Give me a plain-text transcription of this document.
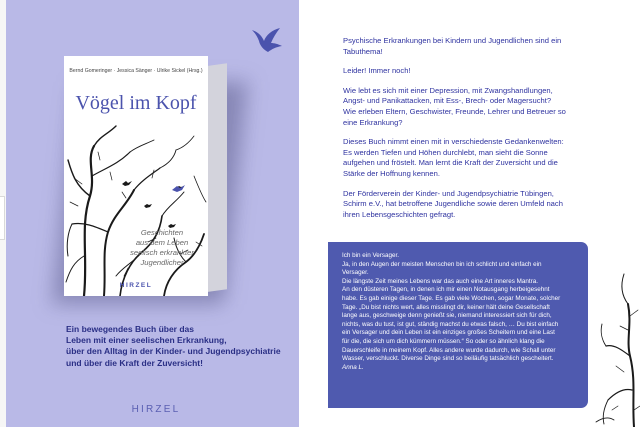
Bernd Gomeringer · Jessica Sänger · Ulrike Sickel (Hrsg.)
Vögel im Kopf
Geschichten
aus dem Leben
seelisch erkrankter
Jugendlicher
HIRZEL
Ein bewegendes Buch über das
Leben mit einer seelischen Erkrankung,
über den Alltag in der Kinder- und Jugendpsychiatrie
und über die Kraft der Zuversicht!
HIRZEL

Psychische Erkrankungen bei Kindern und Jugendlichen sind ein
Tabuthema!

Leider! Immer noch!

Wie lebt es sich mit einer Depression, mit Zwangshandlungen,
Angst- und Panikattacken, mit Ess-, Brech- oder Magersucht?
Wie erleben Eltern, Geschwister, Freunde, Lehrer und Betreuer so
eine Erkrankung?

Dieses Buch nimmt einen mit in verschiedenste Gedankenwelten:
Es werden Tiefen und Höhen durchlebt, man sieht die Sonne
aufgehen und fröstelt. Man lernt die Kraft der Zuversicht und die
Stärke der Hoffnung kennen.

Der Förderverein der Kinder- und Jugendpsychiatrie Tübingen,
Schirm e.V., hat betroffene Jugendliche sowie deren Umfeld nach
ihren Lebensgeschichten gefragt.

Ich bin ein Versager.
Ja, in den Augen der meisten Menschen bin ich schlicht und einfach ein
Versager.
Die längste Zeit meines Lebens war das auch eine Art inneres Mantra.
An den düsteren Tagen, in denen ich mir einen Notausgang herbeigesehnt
habe. Es gab einige dieser Tage. Es gab viele Wochen, sogar Monate, solcher
Tage. „Du bist nichts wert, alles misslingt dir, keiner hält deine Gesellschaft
lange aus, geschweige denn genießt sie, niemand interessiert sich für dich,
nichts, was du tust, ist gut, ständig machst du etwas falsch, … Du bist einfach
ein Versager und dein Leben ist ein einziges großes Scheitern und eine Last
für die, die sich um dich kümmern müssen.“ So oder so ähnlich klang die
Dauerschleife in meinem Kopf. Alles andere wurde dadurch, wie Schall unter
Wasser, verschluckt. Diverse Dinge sind so beiläufig tatsächlich gescheitert.
Anna L.
